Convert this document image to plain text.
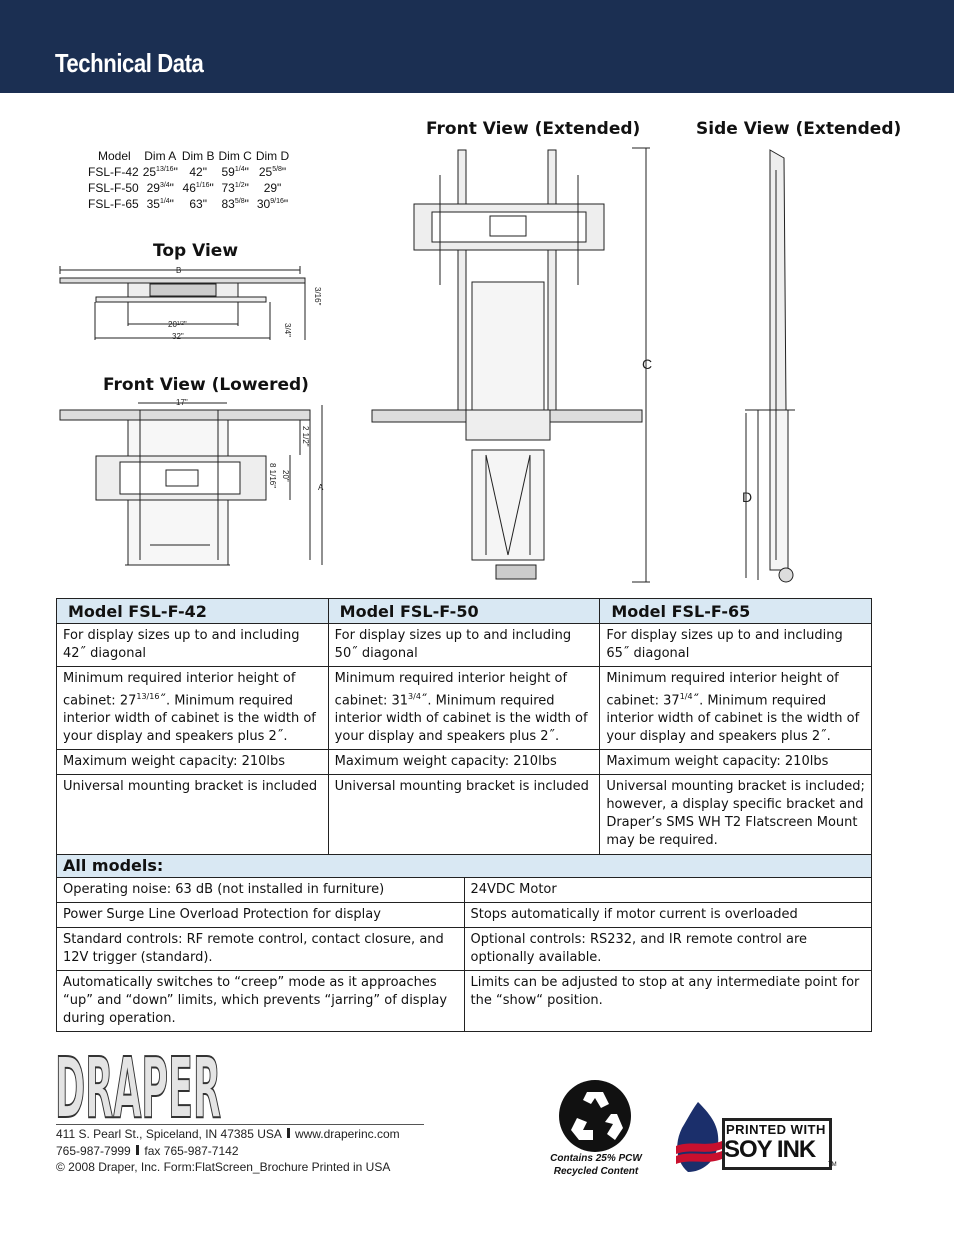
Technical Data
Front View (Extended)	Side View (Extended)
Top View
Front View (Lowered)
Model	Dim A	Dim B	Dim C	Dim D
FSL-F-42	$25^{13/16}$"	42"	$59^{1/4}$"	$25^{5/8}$"
FSL-F-50	$29^{3/4}$"	$46^{1/16}$"	$73^{1/2}$"	29"
FSL-F-65	$35^{1/4}$"	63"	$83^{5/8}$"	$30^{9/16}$"
B
$20^{1/2}$"
32"
17"
A
3/16"
3/4"
2 1/2"
8 1/16" 20"
C
D
Model FSL-F-42	Model FSL-F-50		Model FSL-F-65
For display sizes up to and including 42˝ diagonal	For display sizes up to and including 50˝ diagonal		For display sizes up to and including 65˝ diagonal
Minimum required interior height of cabinet: $27^{13/16}˝$. Minimum required interior width of cabinet is the width of your display and speakers plus 2˝.	Minimum required interior height of cabinet: $31^{3/4}˝$. Minimum required interior width of cabinet is the width of your display and speakers plus 2˝.		Minimum required interior height of cabinet: $37^{1/4}˝$. Minimum required interior width of cabinet is the width of your display and speakers plus 2˝.
Maximum weight capacity: 210lbs	Maximum weight capacity: 210lbs		Maximum weight capacity: 210lbs
Universal mounting bracket is included	Universal mounting bracket is included		Universal mounting bracket is included; however, a display specific bracket and Draper’s SMS WH T2 Flatscreen Mount may be required.
All models:			
Operating noise: 63 dB (not installed in furniture)		24VDC Motor	
Power Surge Line Overload Protection for display		Stops automatically if motor current is overloaded	
Standard controls: RF remote control, contact closure, and 12V trigger (standard).		Optional controls: RS232, and IR remote control are optionally available.	
Automatically switches to “creep” mode as it approaches “up” and “down” limits, which prevents “jarring” of display during operation.		Limits can be adjusted to stop at any intermediate point for the “show“ position.	
DRAPER
411 S. Pearl St., Spiceland, IN 47385 USA www.draperinc.com
765-987-7999 fax 765-987-7142
© 2008 Draper, Inc. Form:FlatScreen_Brochure Printed in USA
Contains 25% PCW
Recycled Content
PRINTED WITH
SOY INK
TM
